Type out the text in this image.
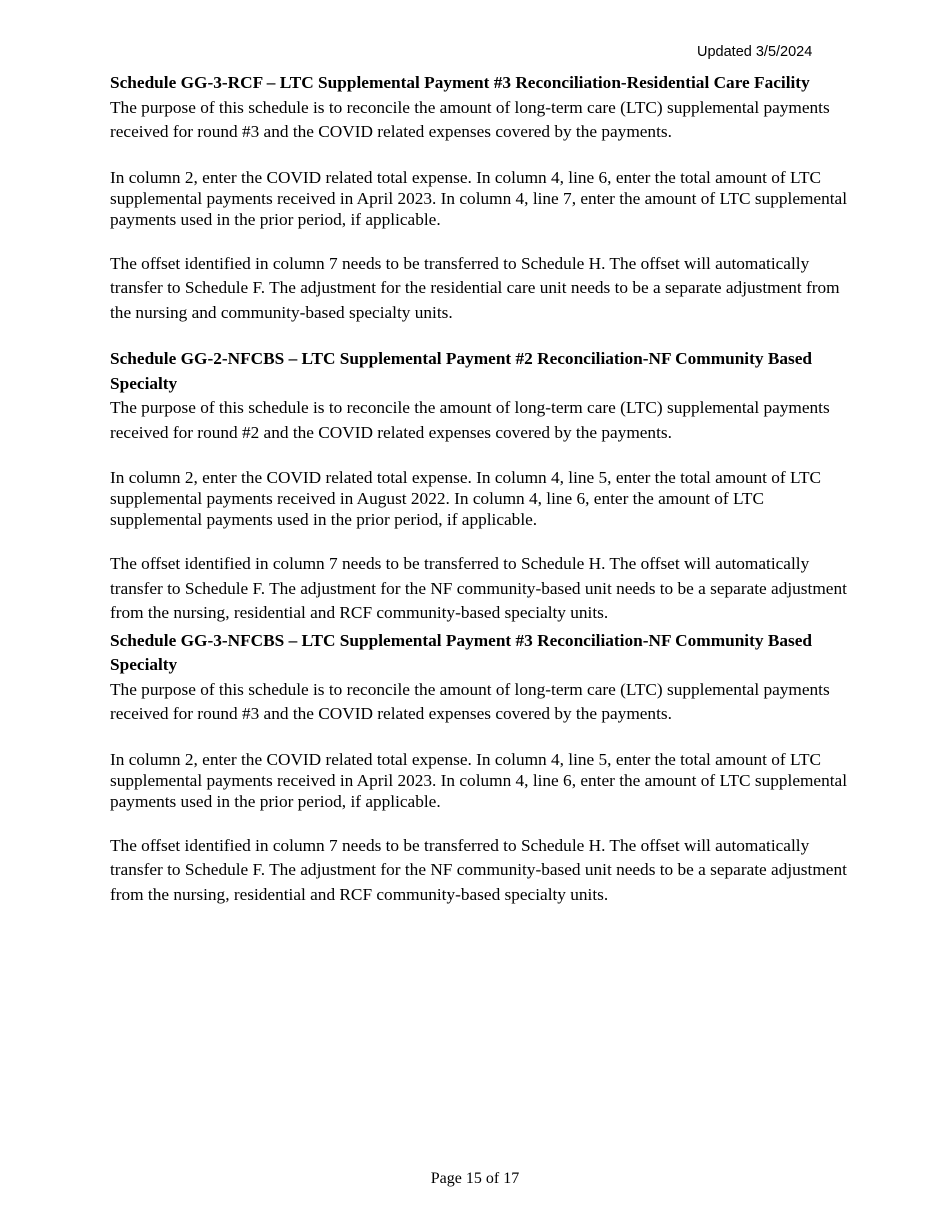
Updated 3/5/2024

Schedule GG-3-RCF – LTC Supplemental Payment #3 Reconciliation-Residential Care Facility

The purpose of this schedule is to reconcile the amount of long-term care (LTC) supplemental payments received for round #3 and the COVID related expenses covered by the payments.

In column 2, enter the COVID related total expense. In column 4, line 6, enter the total amount of LTC supplemental payments received in April 2023. In column 4, line 7, enter the amount of LTC supplemental payments used in the prior period, if applicable.

The offset identified in column 7 needs to be transferred to Schedule H. The offset will automatically transfer to Schedule F. The adjustment for the residential care unit needs to be a separate adjustment from the nursing and community-based specialty units.

Schedule GG-2-NFCBS – LTC Supplemental Payment #2 Reconciliation-NF Community Based Specialty

The purpose of this schedule is to reconcile the amount of long-term care (LTC) supplemental payments received for round #2 and the COVID related expenses covered by the payments.

In column 2, enter the COVID related total expense. In column 4, line 5, enter the total amount of LTC supplemental payments received in August 2022. In column 4, line 6, enter the amount of LTC supplemental payments used in the prior period, if applicable.

The offset identified in column 7 needs to be transferred to Schedule H. The offset will automatically transfer to Schedule F. The adjustment for the NF community-based unit needs to be a separate adjustment from the nursing, residential and RCF community-based specialty units.

Schedule GG-3-NFCBS – LTC Supplemental Payment #3 Reconciliation-NF Community Based Specialty

The purpose of this schedule is to reconcile the amount of long-term care (LTC) supplemental payments received for round #3 and the COVID related expenses covered by the payments.

In column 2, enter the COVID related total expense. In column 4, line 5, enter the total amount of LTC supplemental payments received in April 2023. In column 4, line 6, enter the amount of LTC supplemental payments used in the prior period, if applicable.

The offset identified in column 7 needs to be transferred to Schedule H. The offset will automatically transfer to Schedule F. The adjustment for the NF community-based unit needs to be a separate adjustment from the nursing, residential and RCF community-based specialty units.

Page 15 of 17
